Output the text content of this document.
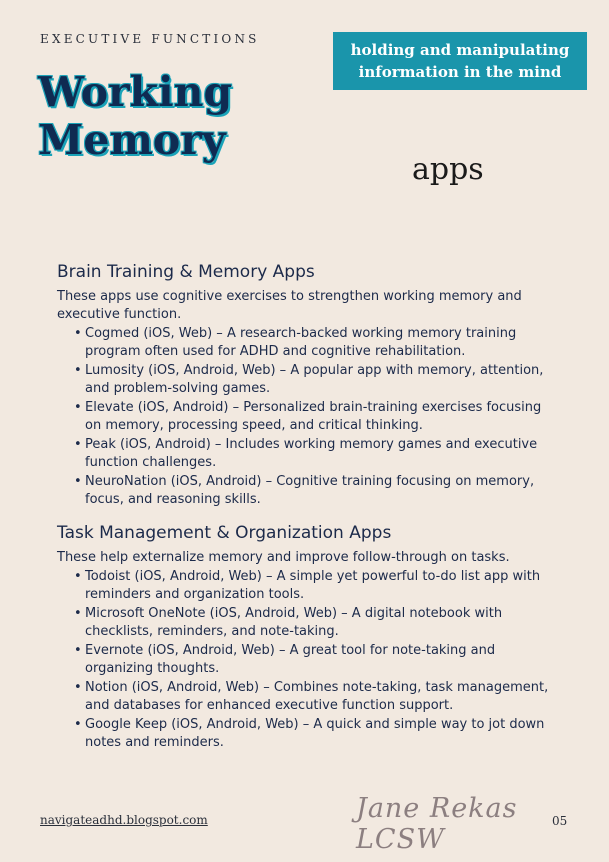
EXECUTIVE FUNCTIONS
Working
Memory
holding and manipulating information in the mind
apps
Brain Training & Memory Apps

These apps use cognitive exercises to strengthen working memory and executive function.

• Cogmed (iOS, Web) – A research-backed working memory training program often used for ADHD and cognitive rehabilitation.
• Lumosity (iOS, Android, Web) – A popular app with memory, attention, and problem-solving games.
• Elevate (iOS, Android) – Personalized brain-training exercises focusing on memory, processing speed, and critical thinking.
• Peak (iOS, Android) – Includes working memory games and executive function challenges.
• NeuroNation (iOS, Android) – Cognitive training focusing on memory, focus, and reasoning skills.
Task Management & Organization Apps

These help externalize memory and improve follow-through on tasks.

• Todoist (iOS, Android, Web) – A simple yet powerful to-do list app with reminders and organization tools.
• Microsoft OneNote (iOS, Android, Web) – A digital notebook with checklists, reminders, and note-taking.
• Evernote (iOS, Android, Web) – A great tool for note-taking and organizing thoughts.
• Notion (iOS, Android, Web) – Combines note-taking, task management, and databases for enhanced executive function support.
• Google Keep (iOS, Android, Web) – A quick and simple way to jot down notes and reminders.
navigateadhd.blogspot.com	Jane Rekas LCSW
05
